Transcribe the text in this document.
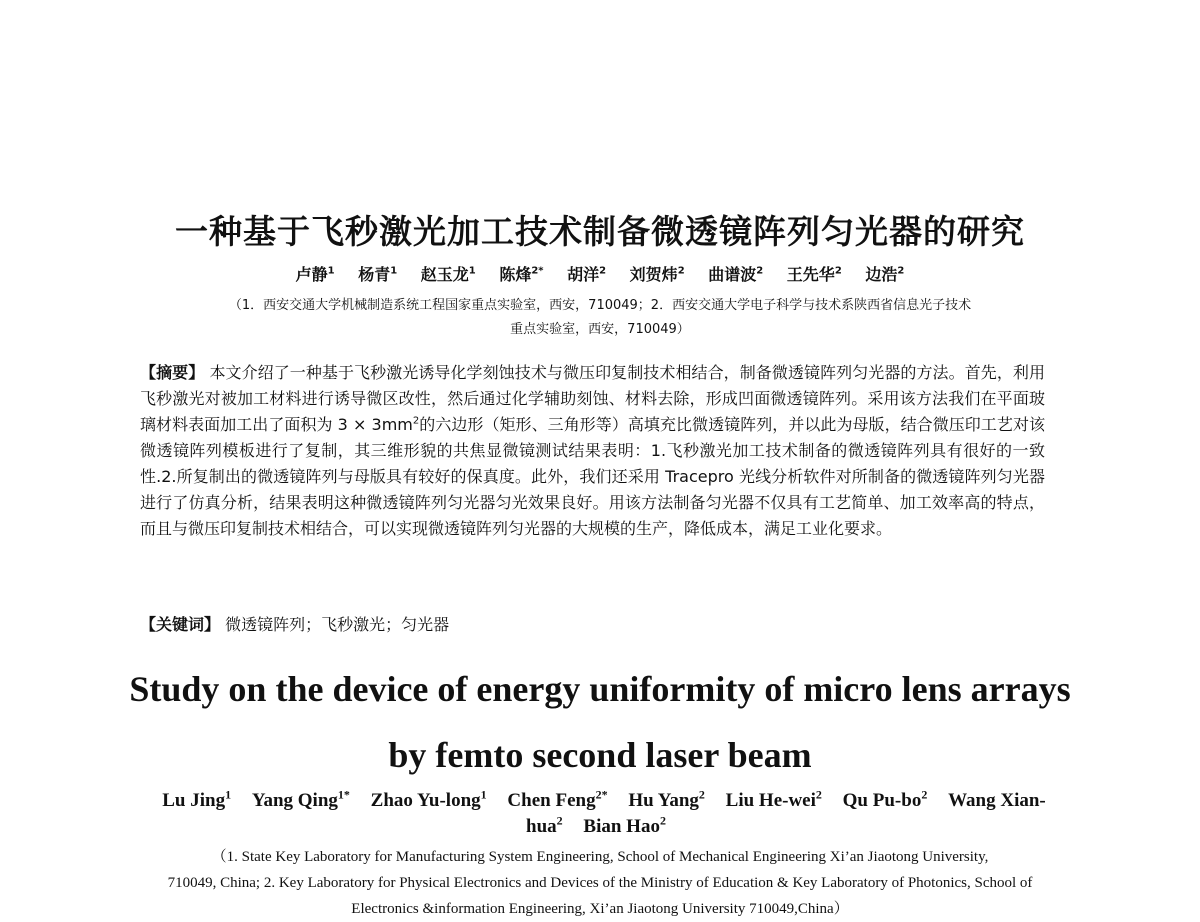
一种基于飞秒激光加工技术制备微透镜阵列匀光器的研究
卢静$^1$ 杨青$^1$ 赵玉龙$^1$ 陈烽$^{2*}$ 胡洋$^2$ 刘贺炜$^2$ 曲谱波$^2$ 王先华$^2$ 边浩$^2$
（1．西安交通大学机械制造系统工程国家重点实验室，西安，710049；2．西安交通大学电子科学与技术系陕西省信息光子技术
重点实验室，西安，710049）
【摘要】 本文介绍了一种基于飞秒激光诱导化学刻蚀技术与微压印复制技术相结合，制备微透镜阵列匀光器的方法。首先，利用飞秒激光对被加工材料进行诱导微区改性，然后通过化学辅助刻蚀、材料去除，形成凹面微透镜阵列。采用该方法我们在平面玻璃材料表面加工出了面积为 $3 \times 3mm^2$的六边形（矩形、三角形等）高填充比微透镜阵列，并以此为母版，结合微压印工艺对该微透镜阵列模板进行了复制，其三维形貌的共焦显微镜测试结果表明：1.飞秒激光加工技术制备的微透镜阵列具有很好的一致性.2.所复制出的微透镜阵列与母版具有较好的保真度。此外，我们还采用 Tracepro 光线分析软件对所制备的微透镜阵列匀光器进行了仿真分析，结果表明这种微透镜阵列匀光器匀光效果良好。用该方法制备匀光器不仅具有工艺简单、加工效率高的特点，而且与微压印复制技术相结合，可以实现微透镜阵列匀光器的大规模的生产，降低成本，满足工业化要求。
【关键词】 微透镜阵列；飞秒激光；匀光器
Study on the device of energy uniformity of micro lens arrays
by femto second laser beam
Lu Jing$^1$ Yang Qing$^{1*}$ Zhao Yu-long$^1$ Chen Feng$^{2*}$ Hu Yang$^2$ Liu He-wei$^2$ Qu $Pu-bo^2$ Wang Xian-hua$^2$ Bian Hao$^2$
（1. State Key Laboratory for Manufacturing System Engineering, School of Mechanical Engineering Xi’an Jiaotong University,
710049, China; 2. Key Laboratory for Physical Electronics and Devices of the Ministry of Education & Key Laboratory of Photonics, School of
Electronics &information Engineering, Xi’an Jiaotong University 710049,China）
